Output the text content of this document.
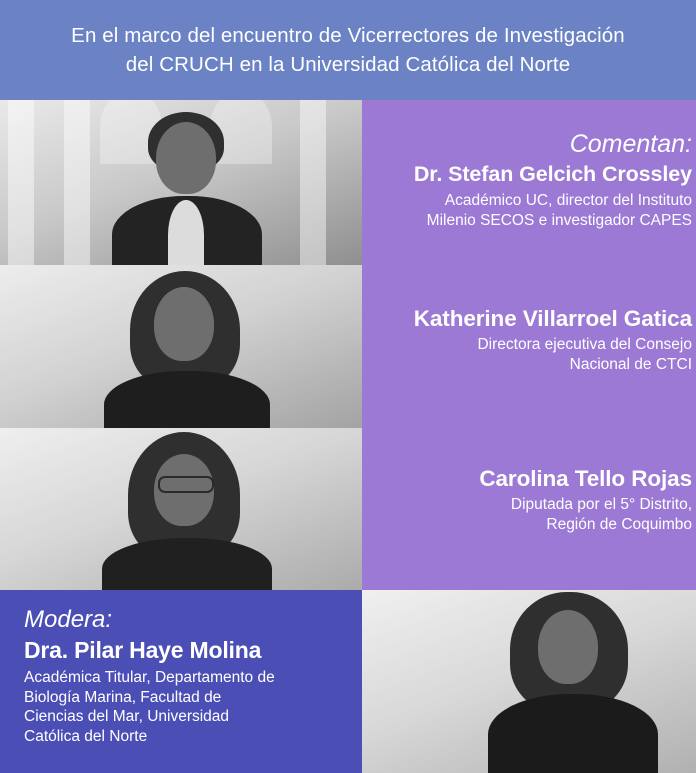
En el marco del encuentro de Vicerrectores de Investigación
del CRUCH en la Universidad Católica del Norte
Comentan:
Dr. Stefan Gelcich Crossley
Académico UC, director del Instituto
Milenio SECOS e investigador CAPES
Katherine Villarroel Gatica
Directora ejecutiva del Consejo
Nacional de CTCI
Carolina Tello Rojas
Diputada por el 5° Distrito,
Región de Coquimbo
Modera:
Dra. Pilar Haye Molina
Académica Titular, Departamento de
Biología Marina, Facultad de
Ciencias del Mar, Universidad
Católica del Norte
